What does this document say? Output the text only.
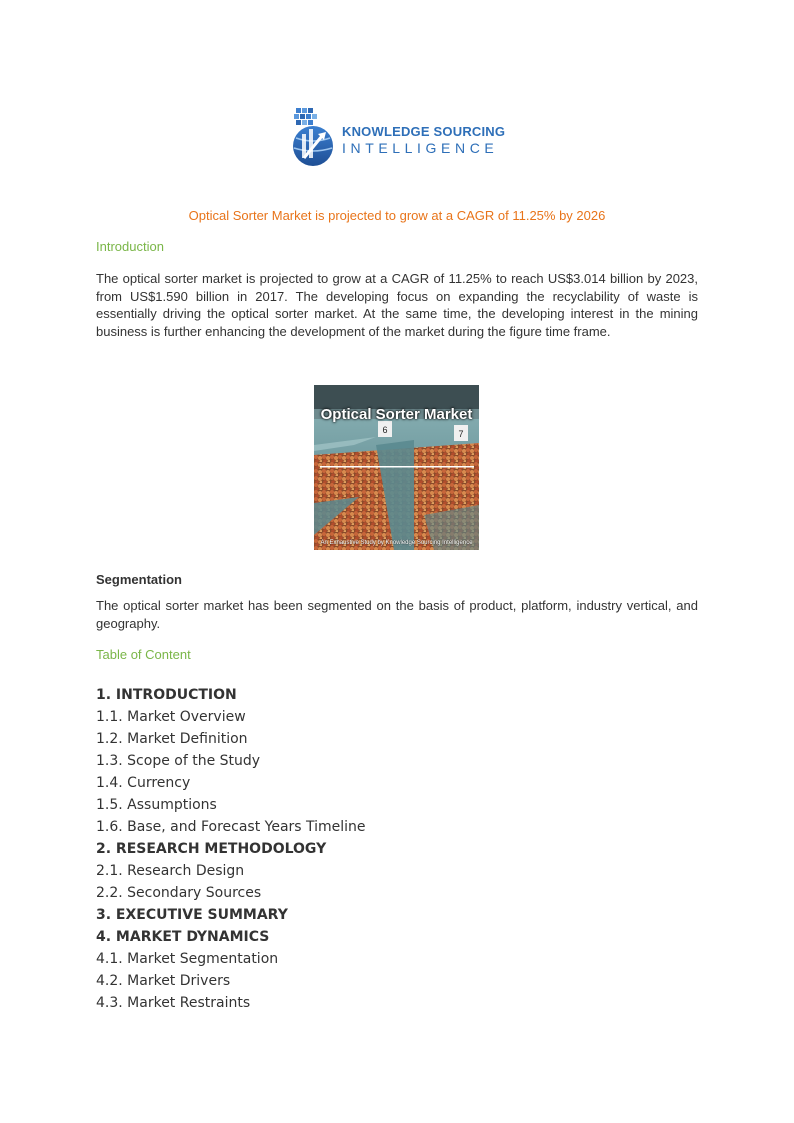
KNOWLEDGE SOURCING
INTELLIGENCE
Optical Sorter Market is projected to grow at a CAGR of 11.25% by 2026
Introduction
The optical sorter market is projected to grow at a CAGR of 11.25% to reach US$3.014 billion by 2023, from US$1.590 billion in 2017. The developing focus on expanding the recyclability of waste is essentially driving the optical sorter market. At the same time, the developing interest in the mining business is further enhancing the development of the market during the figure time frame.
6	7
Optical Sorter Market
An Exhaustive Study by Knowledge Sourcing Intelligence
Segmentation
The optical sorter market has been segmented on the basis of product, platform, industry vertical, and geography.
Table of Content
1. INTRODUCTION
1.1. Market Overview
1.2. Market Definition
1.3. Scope of the Study
1.4. Currency
1.5. Assumptions
1.6. Base, and Forecast Years Timeline
2. RESEARCH METHODOLOGY
2.1. Research Design
2.2. Secondary Sources
3. EXECUTIVE SUMMARY
4. MARKET DYNAMICS
4.1. Market Segmentation
4.2. Market Drivers
4.3. Market Restraints
